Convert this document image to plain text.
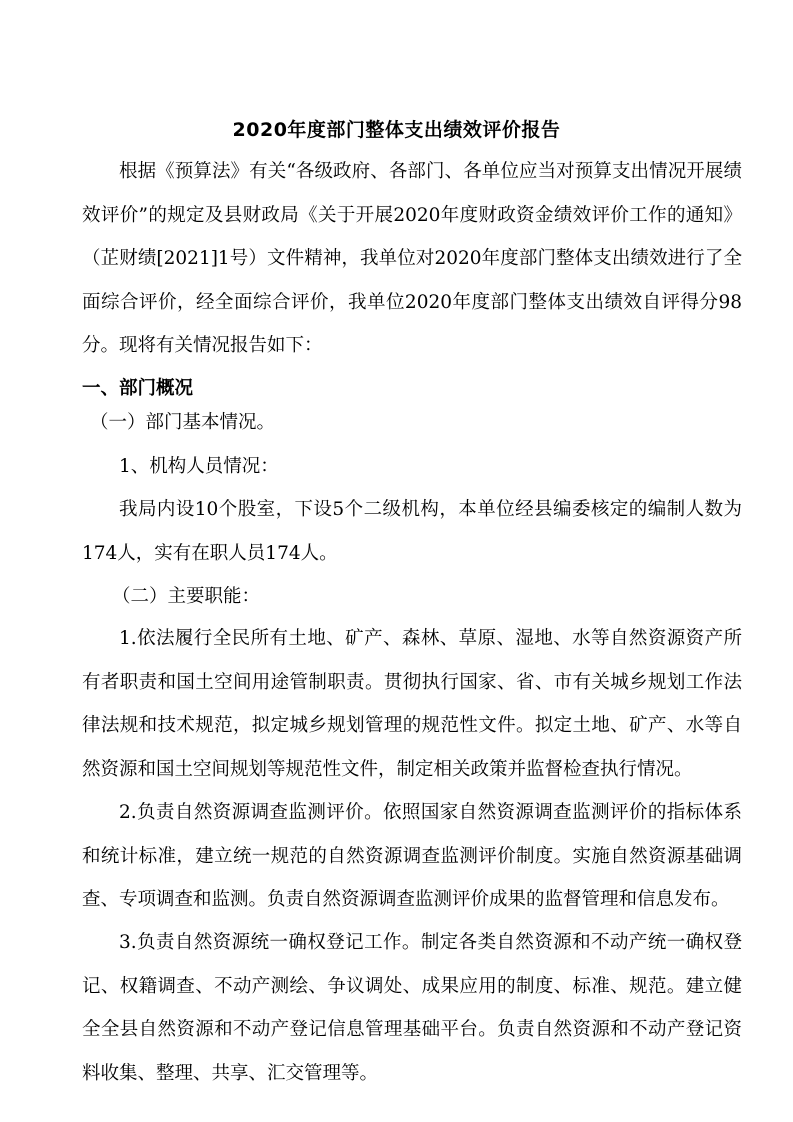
2020年度部门整体支出绩效评价报告

根据《预算法》有关“各级政府、各部门、各单位应当对预算支出情况开展绩效评价”的规定及县财政局《关于开展2020年度财政资金绩效评价工作的通知》（芷财绩[2021]1号）文件精神，我单位对2020年度部门整体支出绩效进行了全面综合评价，经全面综合评价，我单位2020年度部门整体支出绩效自评得分98分。现将有关情况报告如下：

一、部门概况

（一）部门基本情况。

1、机构人员情况：

我局内设10个股室，下设5个二级机构，本单位经县编委核定的编制人数为174人，实有在职人员174人。

（二）主要职能：

1.依法履行全民所有土地、矿产、森林、草原、湿地、水等自然资源资产所有者职责和国土空间用途管制职责。贯彻执行国家、省、市有关城乡规划工作法律法规和技术规范，拟定城乡规划管理的规范性文件。拟定土地、矿产、水等自然资源和国土空间规划等规范性文件，制定相关政策并监督检查执行情况。

2.负责自然资源调查监测评价。依照国家自然资源调查监测评价的指标体系和统计标准，建立统一规范的自然资源调查监测评价制度。实施自然资源基础调查、专项调查和监测。负责自然资源调查监测评价成果的监督管理和信息发布。

3.负责自然资源统一确权登记工作。制定各类自然资源和不动产统一确权登记、权籍调查、不动产测绘、争议调处、成果应用的制度、标准、规范。建立健全全县自然资源和不动产登记信息管理基础平台。负责自然资源和不动产登记资料收集、整理、共享、汇交管理等。
